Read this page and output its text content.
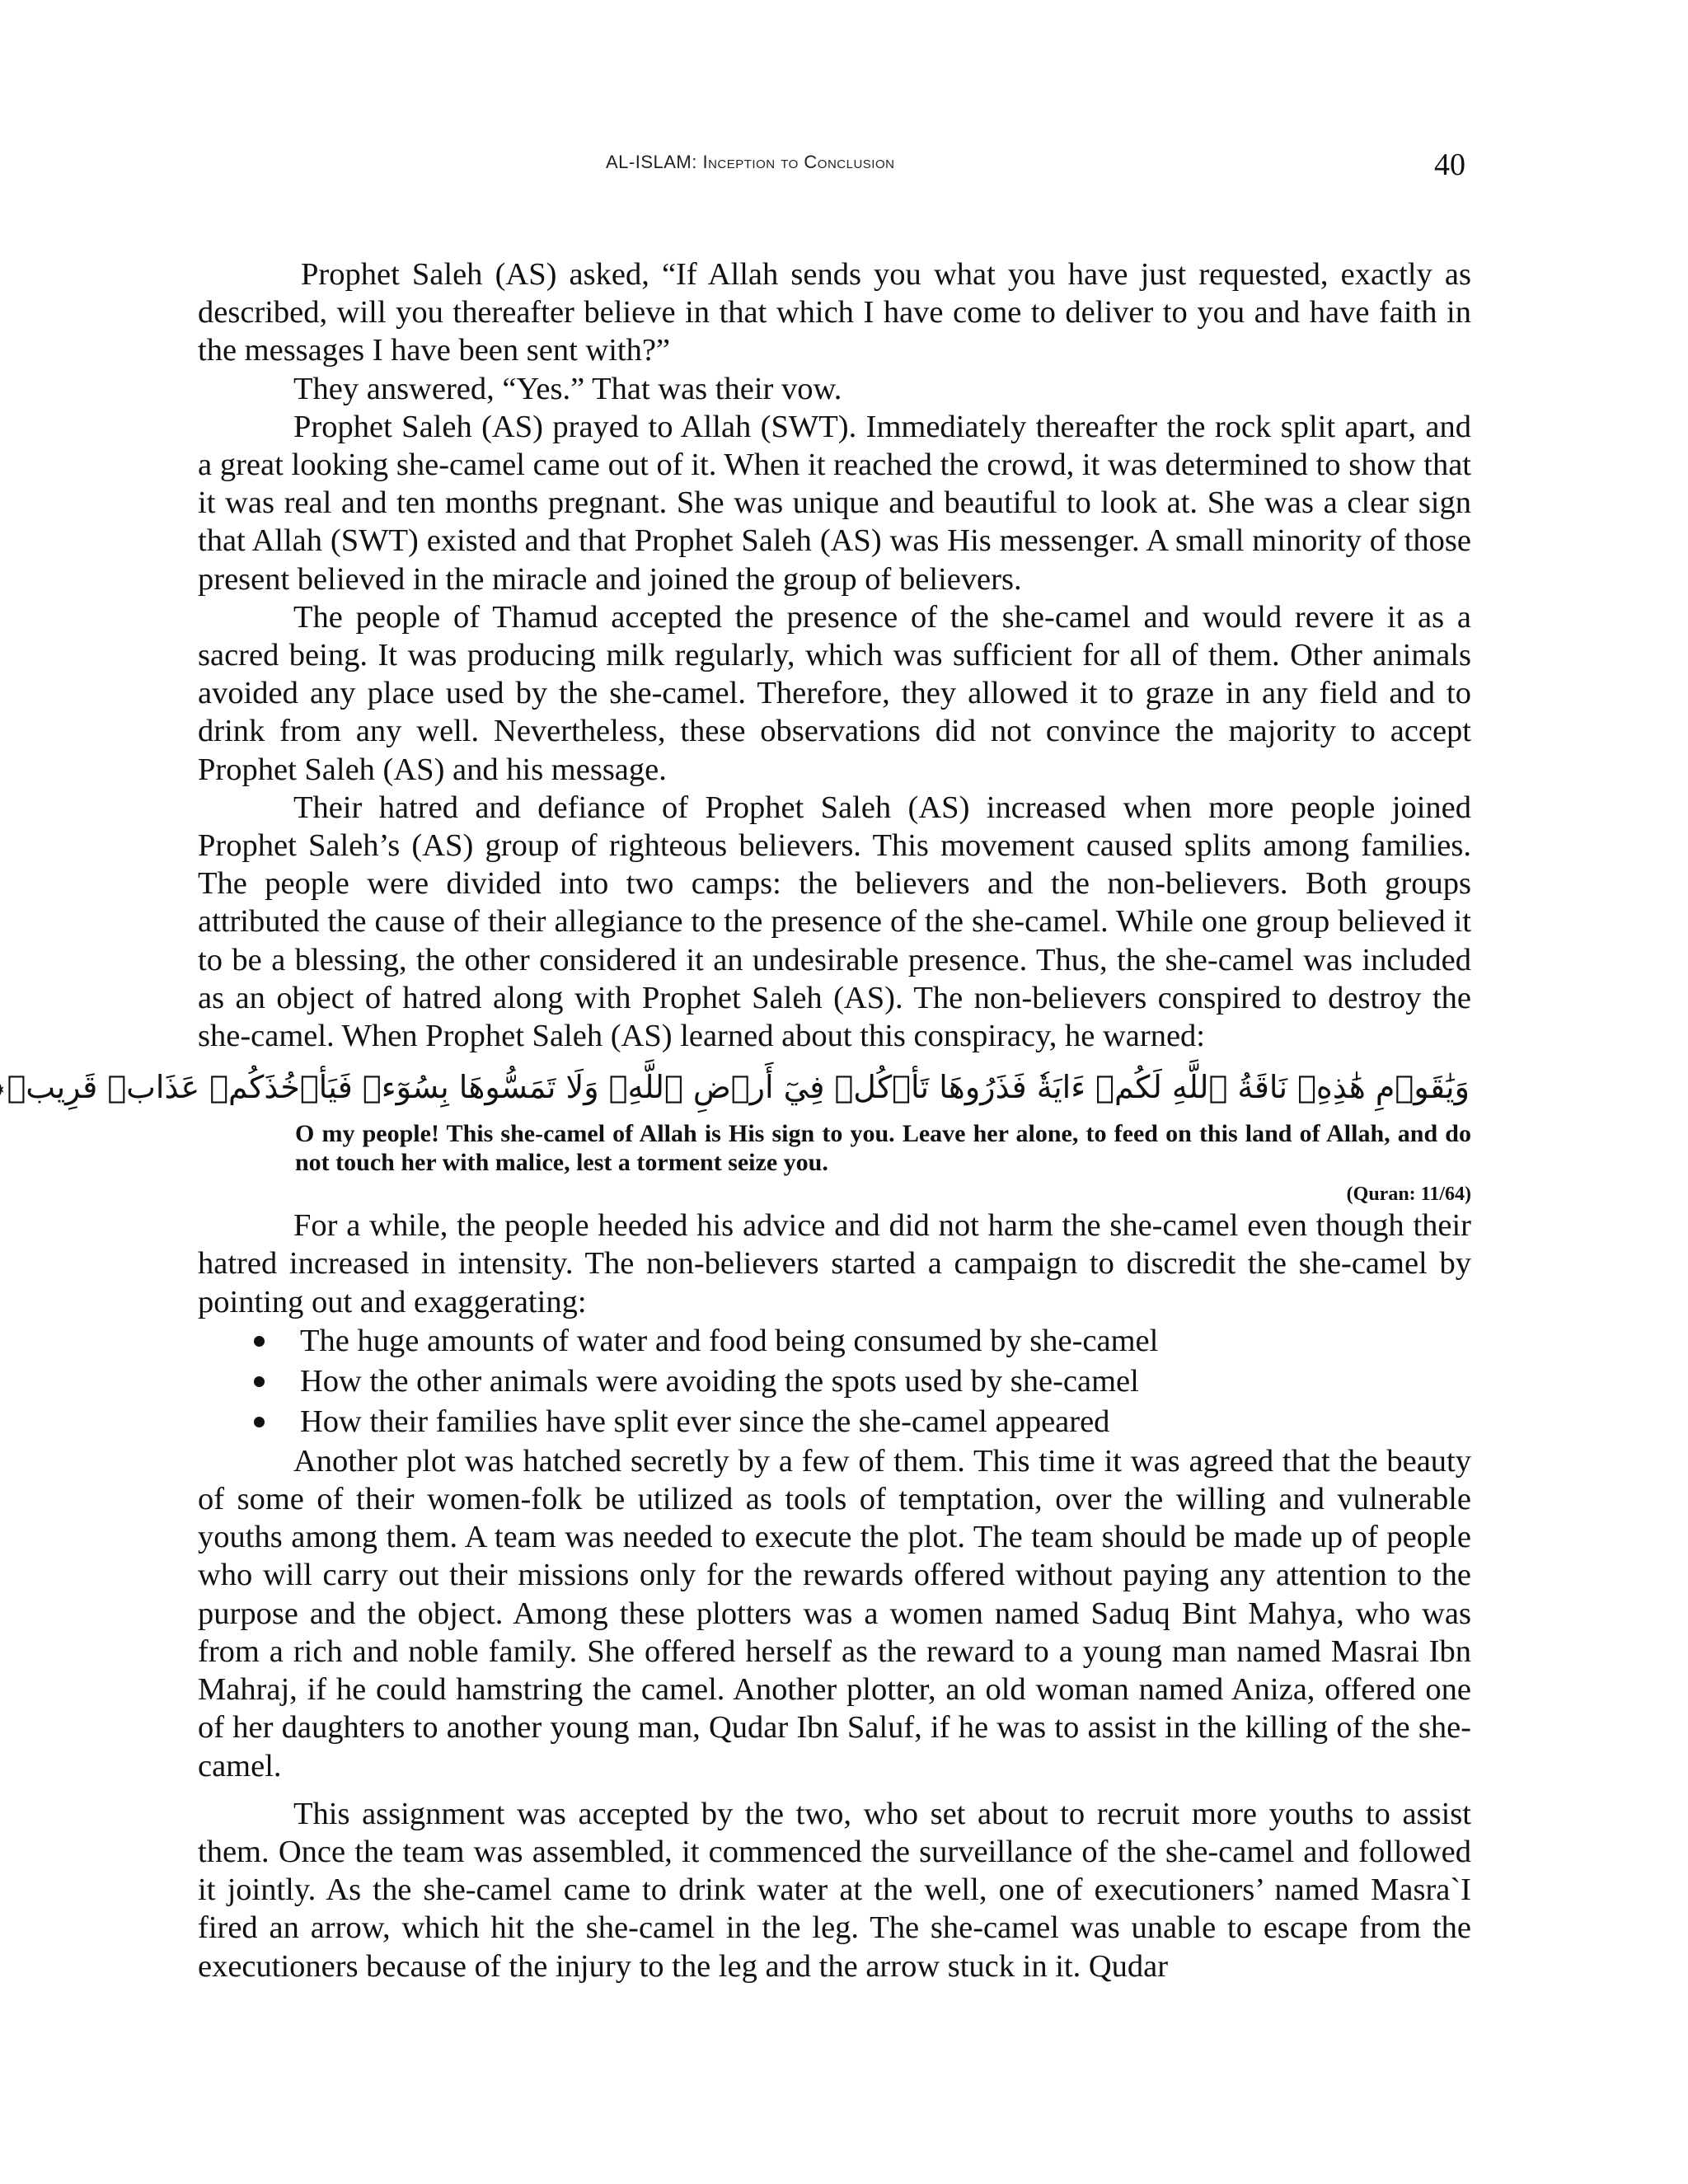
AL-ISLAM: Inception to Conclusion	40

Prophet Saleh (AS) asked, “If Allah sends you what you have just requested, exactly as described, will you thereafter believe in that which I have come to deliver to you and have faith in the messages I have been sent with?”

They answered, “Yes.” That was their vow.

Prophet Saleh (AS) prayed to Allah (SWT). Immediately thereafter the rock split apart, and a great looking she-camel came out of it. When it reached the crowd, it was determined to show that it was real and ten months pregnant. She was unique and beautiful to look at. She was a clear sign that Allah (SWT) existed and that Prophet Saleh (AS) was His messenger. A small minority of those present believed in the miracle and joined the group of believers.

The people of Thamud accepted the presence of the she-camel and would revere it as a sacred being. It was producing milk regularly, which was sufficient for all of them. Other animals avoided any place used by the she-camel. Therefore, they allowed it to graze in any field and to drink from any well. Nevertheless, these observations did not convince the majority to accept Prophet Saleh (AS) and his message.

Their hatred and defiance of Prophet Saleh (AS) increased when more people joined Prophet Saleh’s (AS) group of righteous believers. This movement caused splits among families. The people were divided into two camps: the believers and the non-believers. Both groups attributed the cause of their allegiance to the presence of the she-camel. While one group believed it to be a blessing, the other considered it an undesirable presence. Thus, the she-camel was included as an object of hatred along with Prophet Saleh (AS). The non-believers conspired to destroy the she-camel. When Prophet Saleh (AS) learned about this conspiracy, he warned:

وَيَٰقَوۡمِ هَٰذِهِۦ نَاقَةُ ٱللَّهِ لَكُمۡ ءَايَةٗ فَذَرُوهَا تَأۡكُلۡ فِيٓ أَرۡضِ ٱللَّهِۖ وَلَا تَمَسُّوهَا بِسُوٓءٖ فَيَأۡخُذَكُمۡ عَذَابٞ قَرِيبٞ

O my people! This she-camel of Allah is His sign to you. Leave her alone, to feed on this land of Allah, and do not touch her with malice, lest a torment seize you.

(Quran: 11/64)

For a while, the people heeded his advice and did not harm the she-camel even though their hatred increased in intensity. The non-believers started a campaign to discredit the she-camel by pointing out and exaggerating:

The huge amounts of water and food being consumed by she-camel
How the other animals were avoiding the spots used by she-camel
How their families have split ever since the she-camel appeared

Another plot was hatched secretly by a few of them. This time it was agreed that the beauty of some of their women-folk be utilized as tools of temptation, over the willing and vulnerable youths among them. A team was needed to execute the plot. The team should be made up of people who will carry out their missions only for the rewards offered without paying any attention to the purpose and the object. Among these plotters was a women named Saduq Bint Mahya, who was from a rich and noble family. She offered herself as the reward to a young man named Masrai Ibn Mahraj, if he could hamstring the camel. Another plotter, an old woman named Aniza, offered one of her daughters to another young man, Qudar Ibn Saluf, if he was to assist in the killing of the she-camel.

This assignment was accepted by the two, who set about to recruit more youths to assist them. Once the team was assembled, it commenced the surveillance of the she-camel and followed it jointly. As the she-camel came to drink water at the well, one of executioners’ named Masra`I fired an arrow, which hit the she-camel in the leg. The she-camel was unable to escape from the executioners because of the injury to the leg and the arrow stuck in it. Qudar
